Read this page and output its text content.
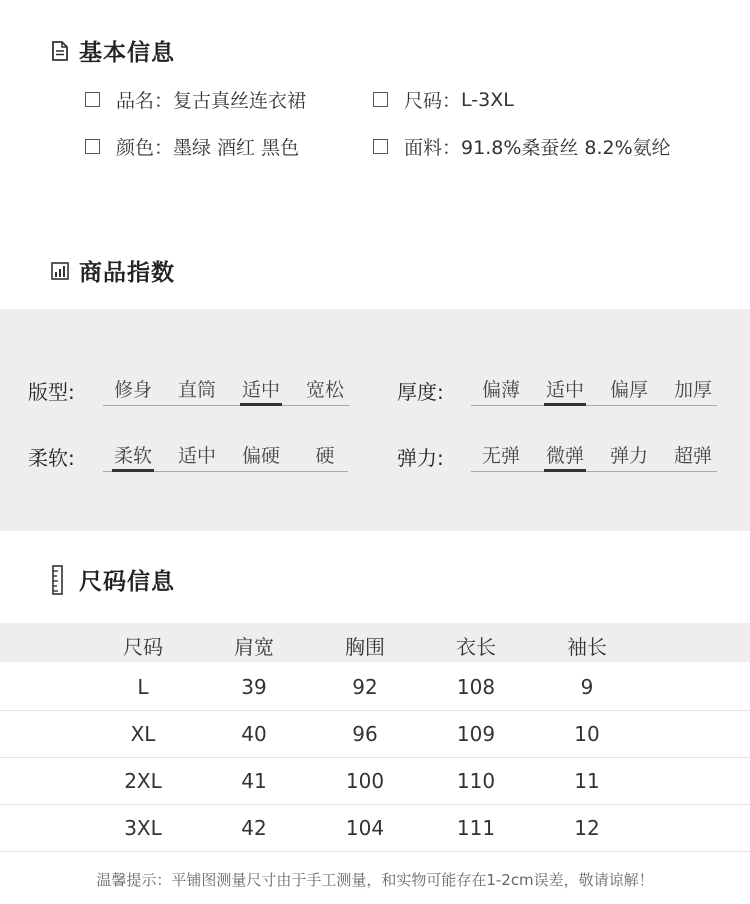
基本信息
品名： 复古真丝连衣裙	尺码： L-3XL
颜色： 墨绿 酒红 黑色	面料： 91.8%桑蚕丝 8.2%氨纶
商品指数
版型:	修身	直筒	适中	宽松	厚度:	偏薄	适中	偏厚	加厚
柔软:	柔软	适中	偏硬	硬	弹力:	无弹	微弹	弹力	超弹
尺码信息
尺码	肩宽	胸围	衣长	袖长
L	39	92	108	9
XL	40	96	109	10
2XL	41	100	110	11
3XL	42	104	111	12
温馨提示：平铺图测量尺寸由于手工测量，和实物可能存在1-2cm误差，敬请谅解！
